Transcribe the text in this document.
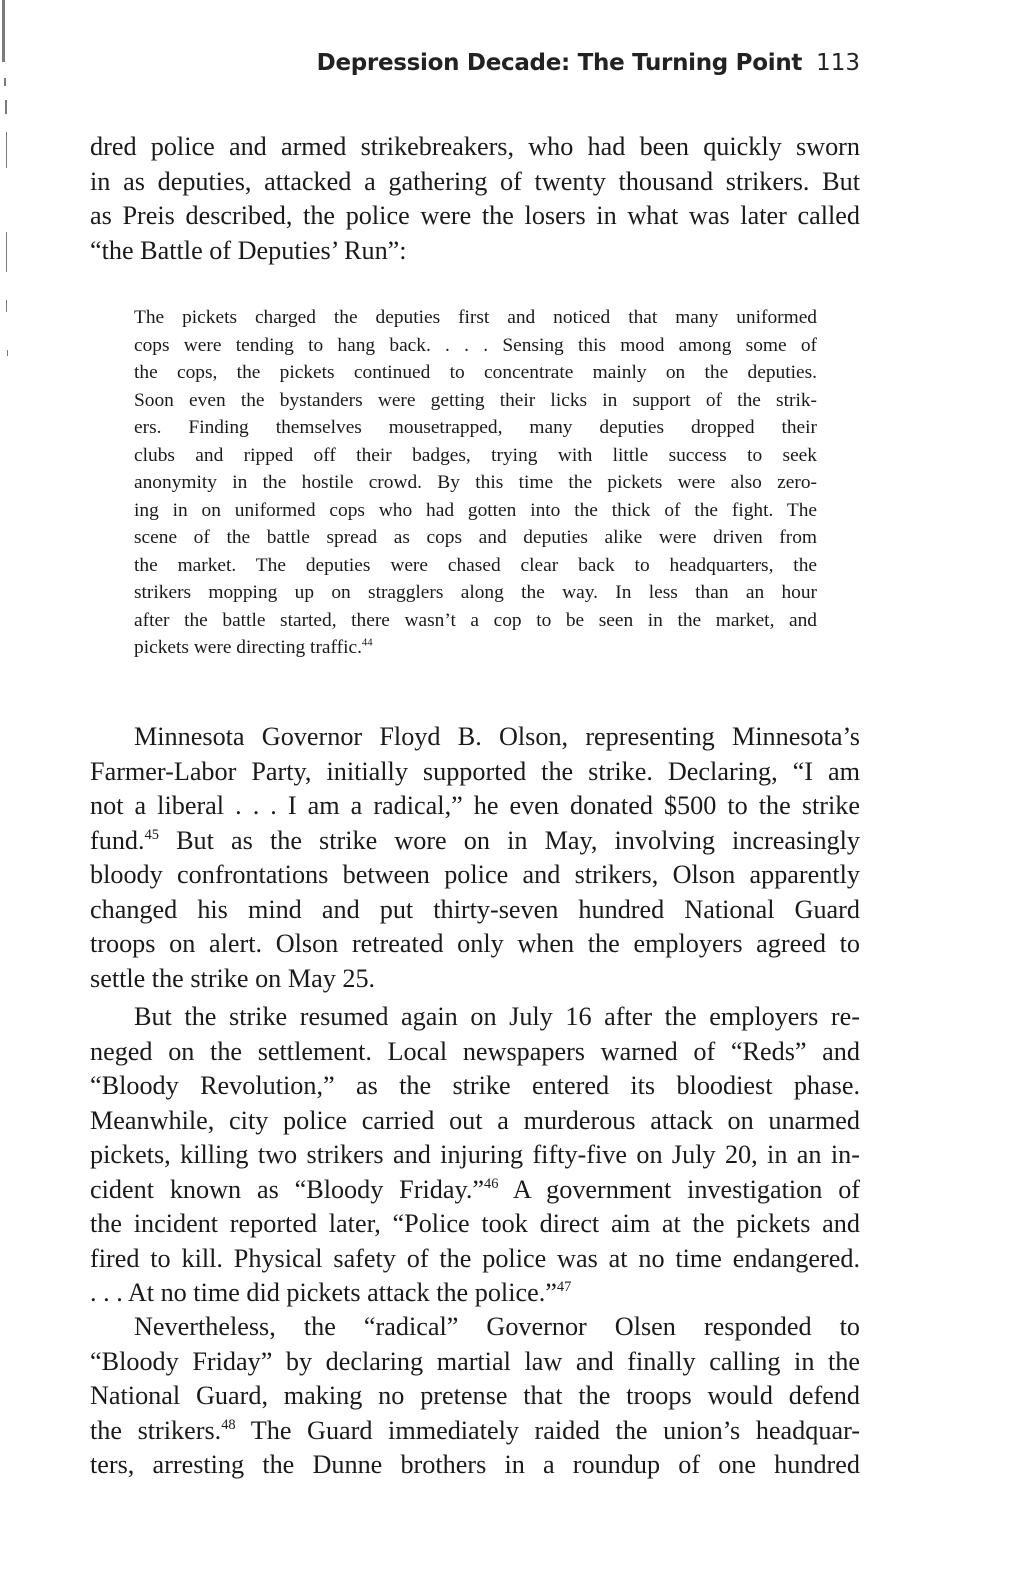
Depression Decade: The Turning Point 113
dred police and armed strikebreakers, who had been quickly sworn
in as deputies, attacked a gathering of twenty thousand strikers. But
as Preis described, the police were the losers in what was later called
“the Battle of Deputies’ Run”:
The pickets charged the deputies first and noticed that many uniformed
cops were tending to hang back. . . . Sensing this mood among some of
the cops, the pickets continued to concentrate mainly on the deputies.
Soon even the bystanders were getting their licks in support of the strik-
ers. Finding themselves mousetrapped, many deputies dropped their
clubs and ripped off their badges, trying with little success to seek
anonymity in the hostile crowd. By this time the pickets were also zero-
ing in on uniformed cops who had gotten into the thick of the fight. The
scene of the battle spread as cops and deputies alike were driven from
the market. The deputies were chased clear back to headquarters, the
strikers mopping up on stragglers along the way. In less than an hour
after the battle started, there wasn’t a cop to be seen in the market, and
pickets were directing traffic.$^{44}$
Minnesota Governor Floyd B. Olson, representing Minnesota’s
Farmer-Labor Party, initially supported the strike. Declaring, “I am
not a liberal . . . I am a radical,” he even donated $500 to the strike
fund.$^{45}$ But as the strike wore on in May, involving increasingly
bloody confrontations between police and strikers, Olson apparently
changed his mind and put thirty-seven hundred National Guard
troops on alert. Olson retreated only when the employers agreed to
settle the strike on May 25.
But the strike resumed again on July 16 after the employers re-
neged on the settlement. Local newspapers warned of “Reds” and
“Bloody Revolution,” as the strike entered its bloodiest phase.
Meanwhile, city police carried out a murderous attack on unarmed
pickets, killing two strikers and injuring fifty-five on July 20, in an in-
cident known as “Bloody Friday.”$^{46}$ A government investigation of
the incident reported later, “Police took direct aim at the pickets and
fired to kill. Physical safety of the police was at no time endangered.
. . . At no time did pickets attack the police.”$^{47}$
Nevertheless, the “radical” Governor Olsen responded to
“Bloody Friday” by declaring martial law and finally calling in the
National Guard, making no pretense that the troops would defend
the strikers.$^{48}$ The Guard immediately raided the union’s headquar-
ters, arresting the Dunne brothers in a roundup of one hundred
